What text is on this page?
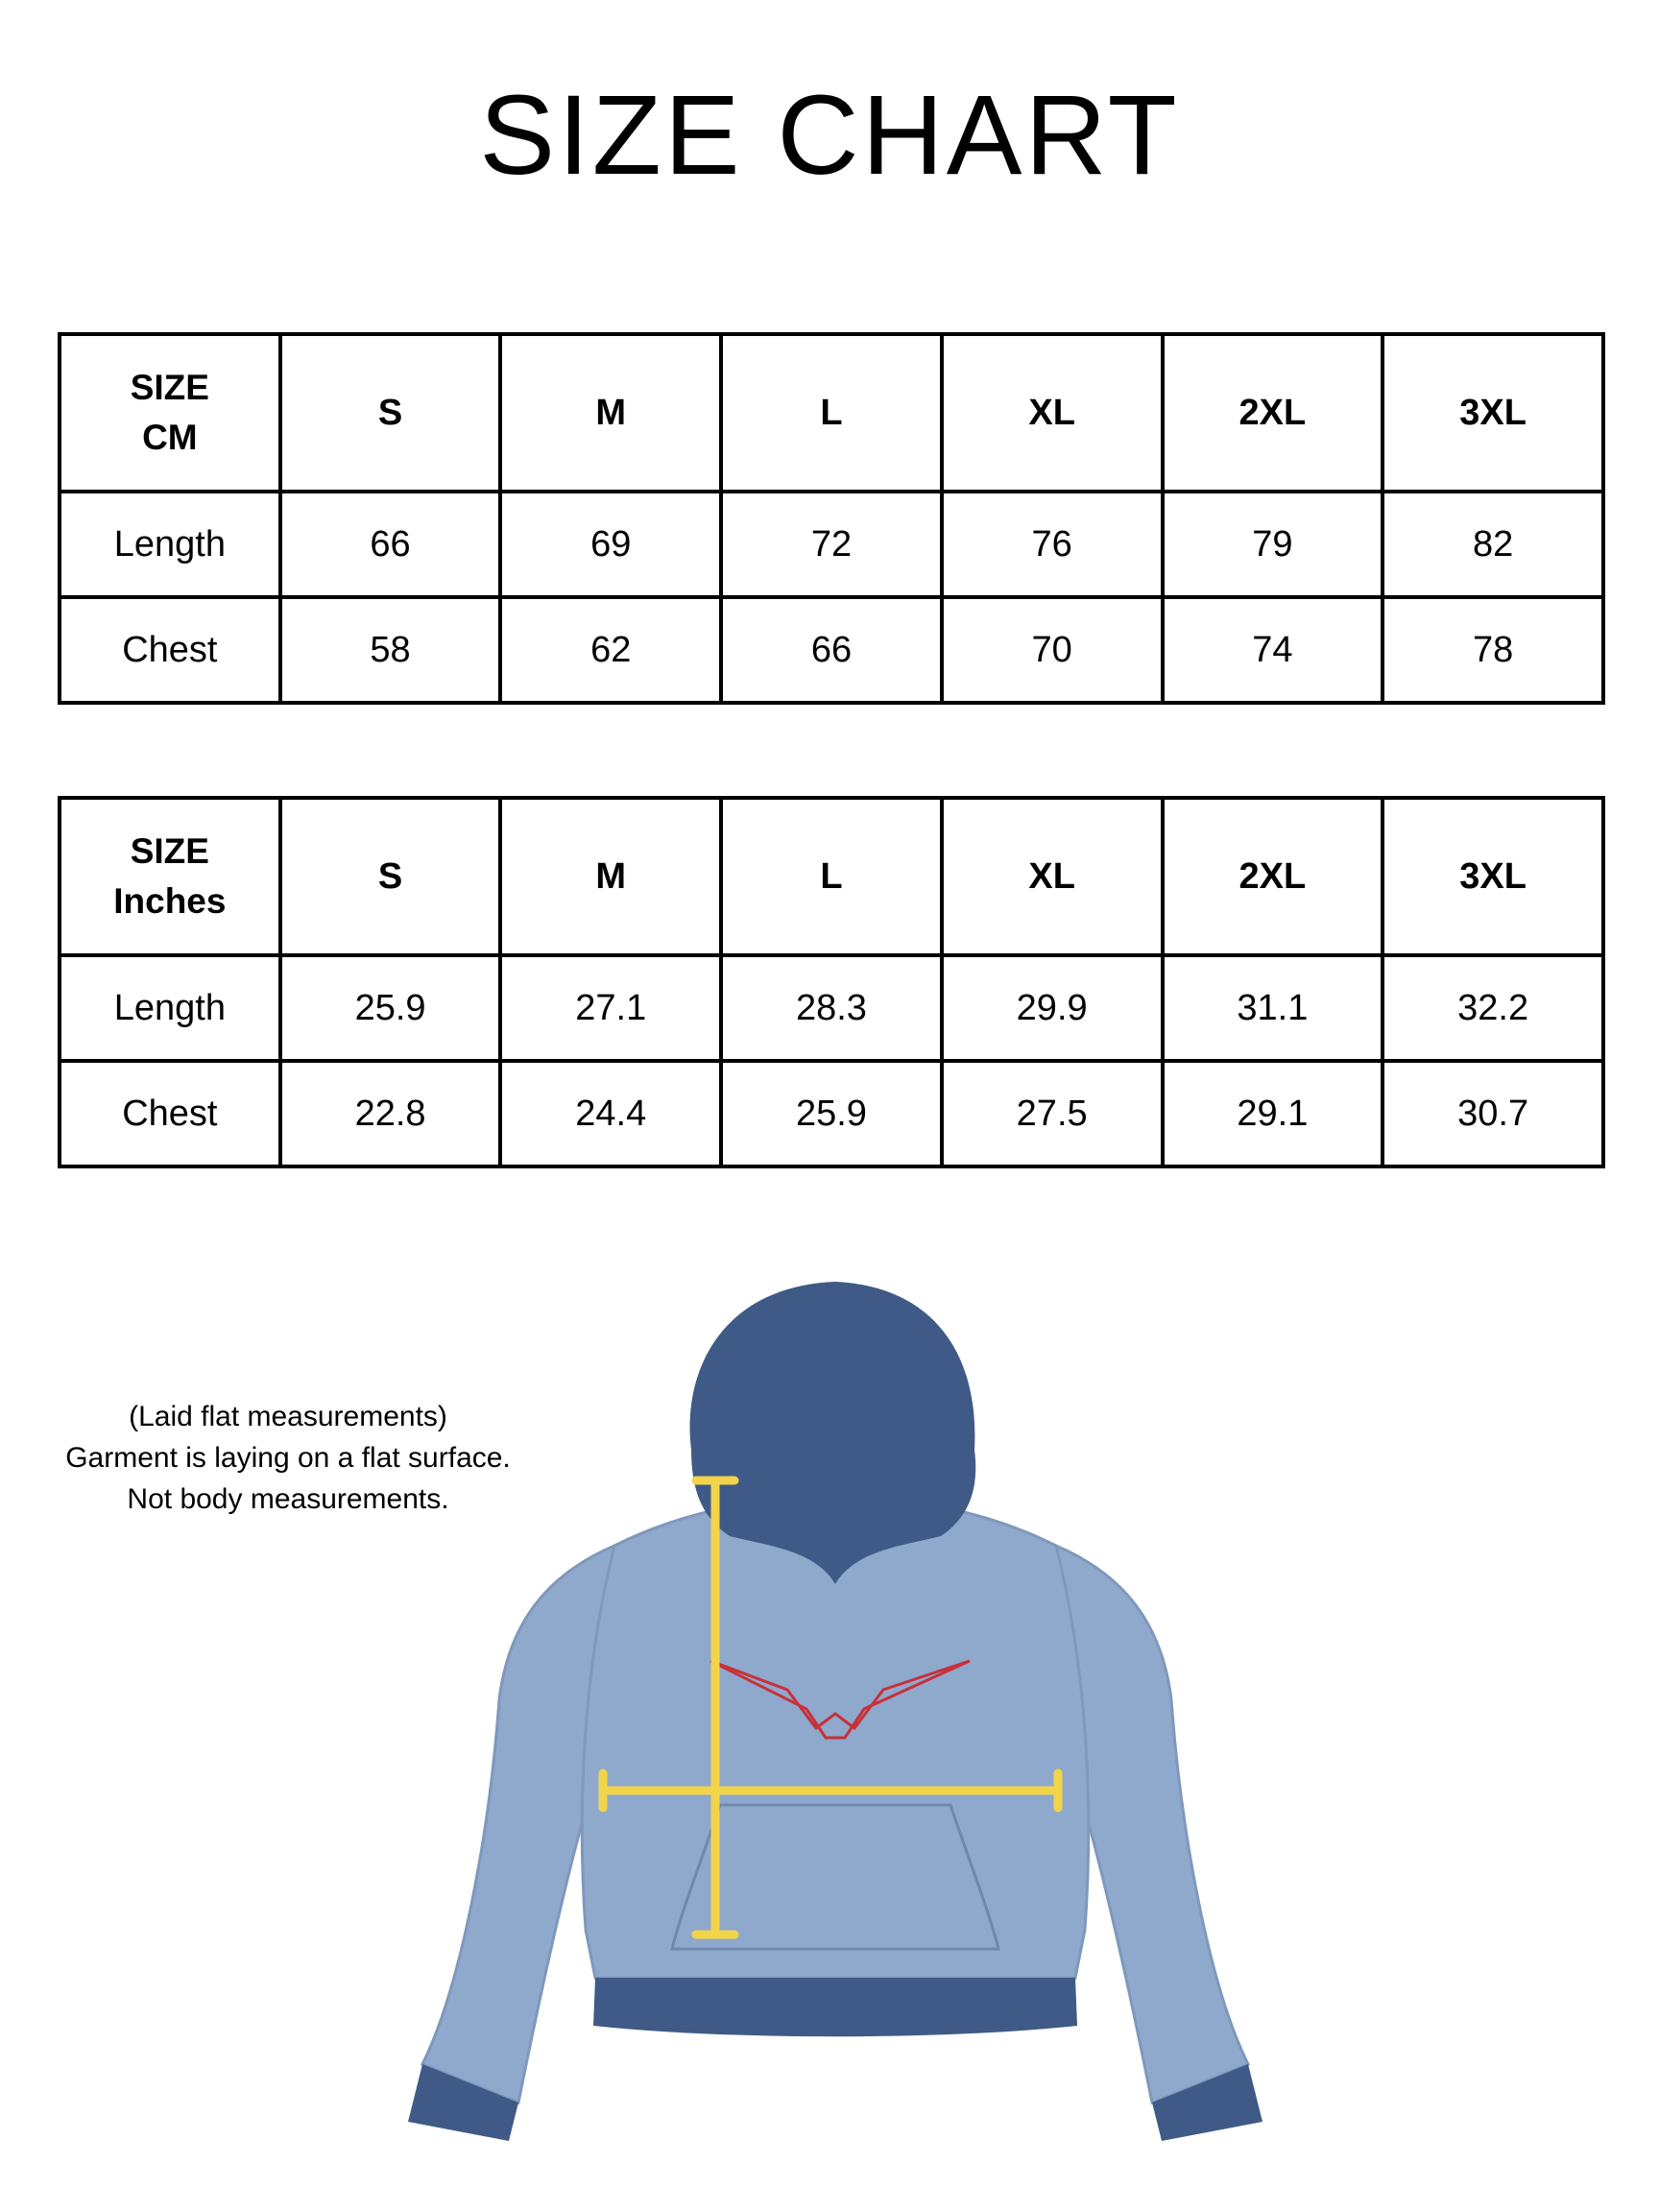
SIZE CHART
SIZE
CM	S	M	L	XL	2XL	3XL
Length	66	69	72	76	79	82
Chest	58	62	66	70	74	78
SIZE
Inches	S	M	L	XL	2XL	3XL
Length	25.9	27.1	28.3	29.9	31.1	32.2
Chest	22.8	24.4	25.9	27.5	29.1	30.7
(Laid flat measurements)
Garment is laying on a flat surface.
Not body measurements.
